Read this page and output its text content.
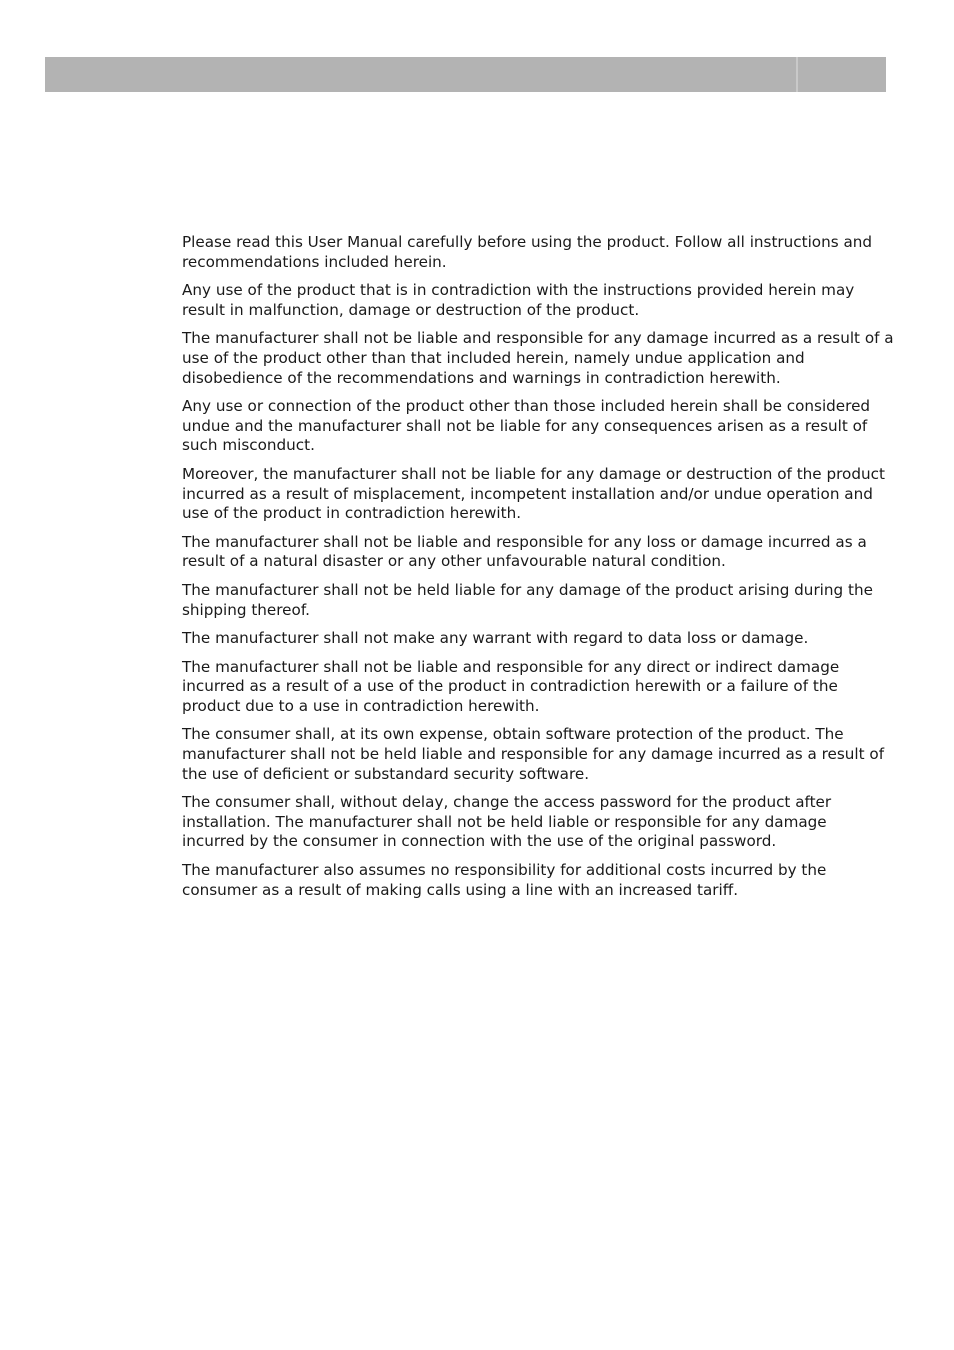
Please read this User Manual carefully before using the product. Follow all instructions and recommendations included herein.

Any use of the product that is in contradiction with the instructions provided herein may result in malfunction, damage or destruction of the product.

The manufacturer shall not be liable and responsible for any damage incurred as a result of a use of the product other than that included herein, namely undue application and disobedience of the recommendations and warnings in contradiction herewith.

Any use or connection of the product other than those included herein shall be considered undue and the manufacturer shall not be liable for any consequences arisen as a result of such misconduct.

Moreover, the manufacturer shall not be liable for any damage or destruction of the product incurred as a result of misplacement, incompetent installation and/or undue operation and use of the product in contradiction herewith.

The manufacturer shall not be liable and responsible for any loss or damage incurred as a result of a natural disaster or any other unfavourable natural condition.

The manufacturer shall not be held liable for any damage of the product arising during the shipping thereof.

The manufacturer shall not make any warrant with regard to data loss or damage.

The manufacturer shall not be liable and responsible for any direct or indirect damage incurred as a result of a use of the product in contradiction herewith or a failure of the product due to a use in contradiction herewith.

The consumer shall, at its own expense, obtain software protection of the product. The manufacturer shall not be held liable and responsible for any damage incurred as a result of the use of deficient or substandard security software.

The consumer shall, without delay, change the access password for the product after installation. The manufacturer shall not be held liable or responsible for any damage incurred by the consumer in connection with the use of the original password.

The manufacturer also assumes no responsibility for additional costs incurred by the consumer as a result of making calls using a line with an increased tariff.
